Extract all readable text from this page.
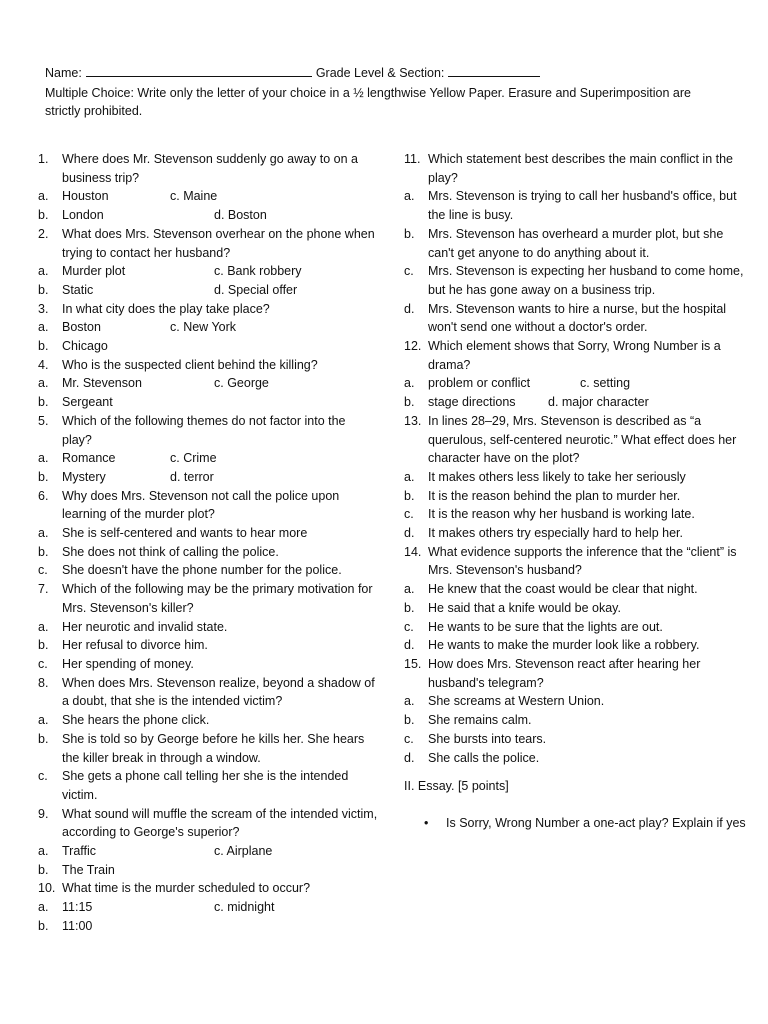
Name:	Grade Level & Section:
Multiple Choice: Write only the letter of your choice in a ½ lengthwise Yellow Paper. Erasure and Superimposition are strictly prohibited.
1.	Where does Mr. Stevenson suddenly go away to on a business trip?
a.	Houston	c. Maine
b.	London	d. Boston
2.	What does Mrs. Stevenson overhear on the phone when trying to contact her husband?
a.	Murder plot	c. Bank robbery
b.	Static	d. Special offer
3.	In what city does the play take place?
a.	Boston	c. New York
b.	Chicago
4.	Who is the suspected client behind the killing?
a.	Mr. Stevenson	c. George
b.	Sergeant
5.	Which of the following themes do not factor into the play?
a.	Romance	c. Crime
b.	Mystery	d. terror
6.	Why does Mrs. Stevenson not call the police upon learning of the murder plot?
a.	She is self-centered and wants to hear more
b.	She does not think of calling the police.
c.	She doesn't have the phone number for the police.
7.	Which of the following may be the primary motivation for Mrs. Stevenson's killer?
a.	Her neurotic and invalid state.
b.	Her refusal to divorce him.
c.	Her spending of money.
8.	When does Mrs. Stevenson realize, beyond a shadow of a doubt, that she is the intended victim?
a.	She hears the phone click.
b.	She is told so by George before he kills her. She hears the killer break in through a window.
c.	She gets a phone call telling her she is the intended victim.
9.	What sound will muffle the scream of the intended victim, according to George's superior?
a.	Traffic	c. Airplane
b.	The Train
10. What time is the murder scheduled to occur?
a.	11:15	c. midnight
b.	11:00
11. Which statement best describes the main conflict in the play?
a.	Mrs. Stevenson is trying to call her husband's office, but the line is busy.
b.	Mrs. Stevenson has overheard a murder plot, but she can't get anyone to do anything about it.
c.	Mrs. Stevenson is expecting her husband to come home, but he has gone away on a business trip.
d.	Mrs. Stevenson wants to hire a nurse, but the hospital won't send one without a doctor's order.
12. Which element shows that Sorry, Wrong Number is a drama?
a.	problem or conflict	c. setting
b.	stage directions	d. major character
13. In lines 28–29, Mrs. Stevenson is described as “a querulous, self-centered neurotic.” What effect does her character have on the plot?
a.	It makes others less likely to take her seriously
b.	It is the reason behind the plan to murder her.
c.	It is the reason why her husband is working late.
d.	It makes others try especially hard to help her.
14. What evidence supports the inference that the “client” is Mrs. Stevenson's husband?
a.	He knew that the coast would be clear that night.
b.	He said that a knife would be okay.
c.	He wants to be sure that the lights are out.
d.	He wants to make the murder look like a robbery.
15. How does Mrs. Stevenson react after hearing her husband's telegram?
a.	She screams at Western Union.
b.	She remains calm.
c.	She bursts into tears.
d.	She calls the police.
II. Essay. [5 points]
•	Is Sorry, Wrong Number a one-act play? Explain if yes
